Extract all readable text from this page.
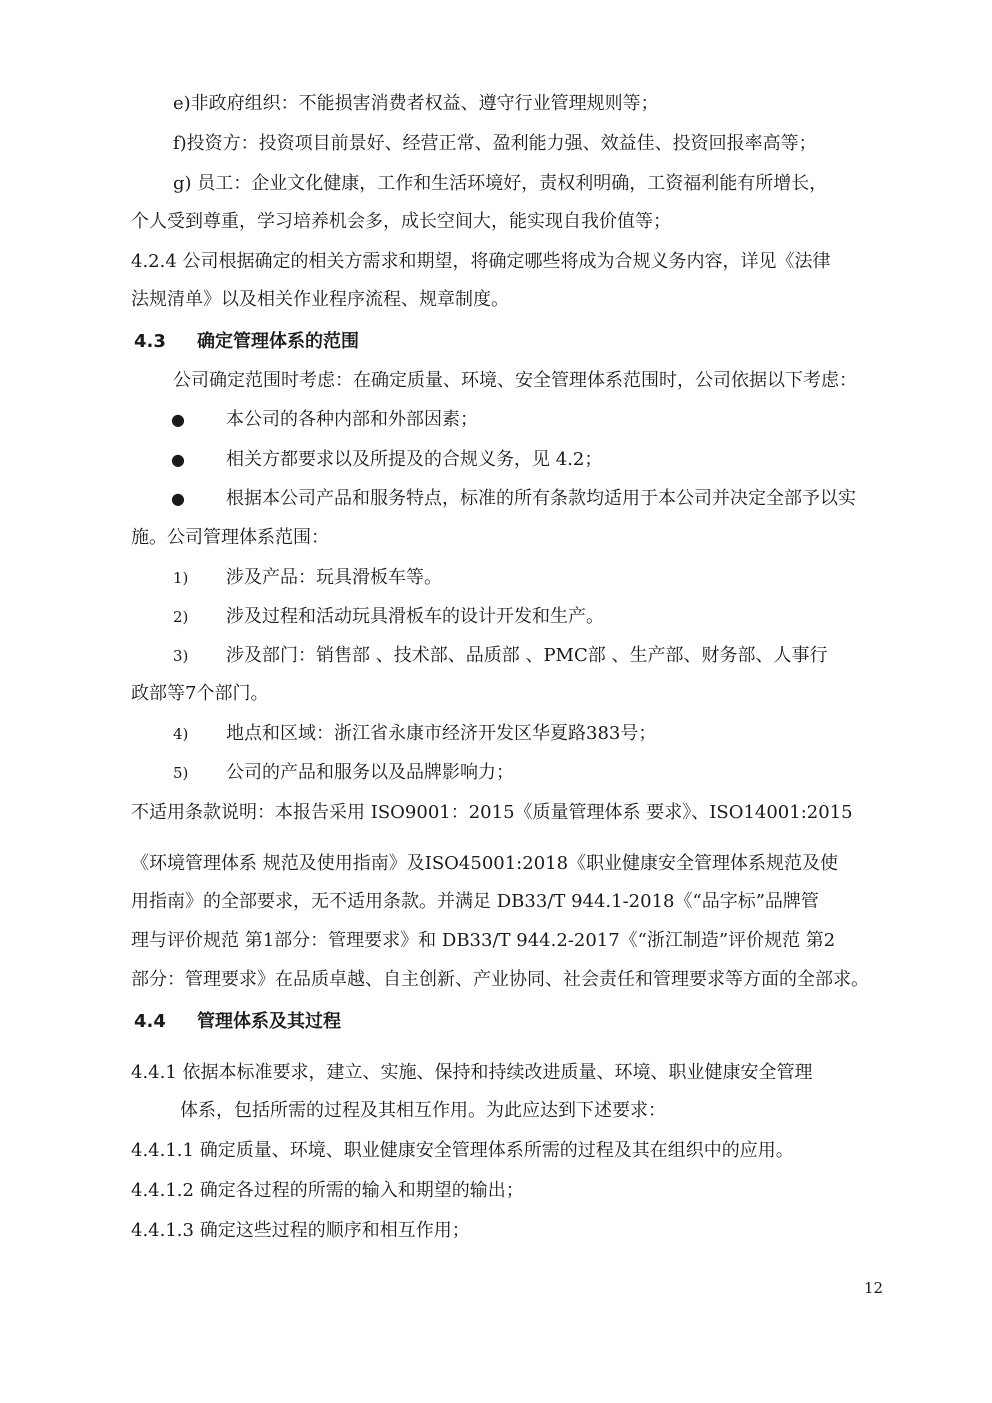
e)非政府组织：不能损害消费者权益、遵守行业管理规则等；
f)投资方：投资项目前景好、经营正常、盈利能力强、效益佳、投资回报率高等；
g) 员工：企业文化健康，工作和生活环境好，责权利明确，工资福利能有所增长，
个人受到尊重，学习培养机会多，成长空间大，能实现自我价值等；
4.2.4 公司根据确定的相关方需求和期望，将确定哪些将成为合规义务内容，详见《法律
法规清单》以及相关作业程序流程、规章制度。
4.3 确定管理体系的范围
公司确定范围时考虑：在确定质量、环境、安全管理体系范围时，公司依据以下考虑：
● 本公司的各种内部和外部因素；
● 相关方都要求以及所提及的合规义务，见 4.2；
● 根据本公司产品和服务特点，标准的所有条款均适用于本公司并决定全部予以实
施。公司管理体系范围：
1) 涉及产品：玩具滑板车等。
2) 涉及过程和活动玩具滑板车的设计开发和生产。
3) 涉及部门：销售部 、技术部、品质部 、PMC部 、生产部、财务部、人事行
政部等7个部门。
4) 地点和区域：浙江省永康市经济开发区华夏路383号；
5) 公司的产品和服务以及品牌影响力；
不适用条款说明：本报告采用 ISO9001：2015《质量管理体系 要求》、ISO14001:2015
《环境管理体系 规范及使用指南》及ISO45001:2018《职业健康安全管理体系规范及使
用指南》的全部要求，无不适用条款。并满足 DB33/T 944.1-2018《“品字标”品牌管
理与评价规范 第1部分：管理要求》和 DB33/T 944.2-2017《“浙江制造”评价规范 第2
部分：管理要求》在品质卓越、自主创新、产业协同、社会责任和管理要求等方面的全部求。
4.4 管理体系及其过程
4.4.1 依据本标准要求，建立、实施、保持和持续改进质量、环境、职业健康安全管理
体系，包括所需的过程及其相互作用。为此应达到下述要求：
4.4.1.1 确定质量、环境、职业健康安全管理体系所需的过程及其在组织中的应用。
4.4.1.2 确定各过程的所需的输入和期望的输出；
4.4.1.3 确定这些过程的顺序和相互作用；
12
